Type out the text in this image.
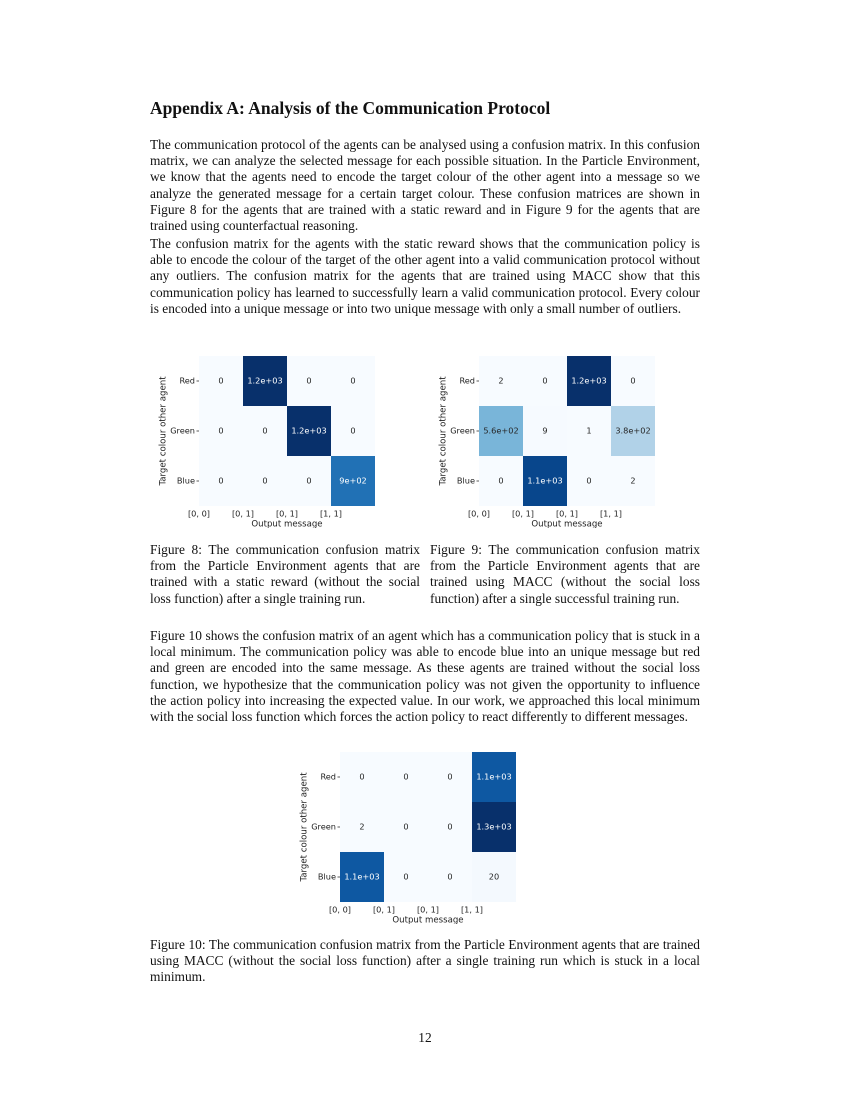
Appendix A: Analysis of the Communication Protocol

The communication protocol of the agents can be analysed using a confusion matrix. In this confusion matrix, we can analyze the selected message for each possible situation. In the Particle Environment, we know that the agents need to encode the target colour of the other agent into a message so we analyze the generated message for a certain target colour. These confusion matrices are shown in Figure 8 for the agents that are trained with a static reward and in Figure 9 for the agents that are trained using counterfactual reasoning.

The confusion matrix for the agents with the static reward shows that the communication policy is able to encode the colour of the target of the other agent into a valid communication protocol without any outliers. The confusion matrix for the agents that are trained using MACC show that this communication policy has learned to successfully learn a valid communication protocol. Every colour is encoded into a unique message or into two unique message with only a small number of outliers.

0	1.2e+03	0	0
0	0	1.2e+03	0
0	0	0	9e+02
Red
Green
Blue
[0, 0]	[0, 1]	[0, 1]	[1, 1]
Output message
Target colour other agent	2	0	1.2e+03	0
5.6e+02	9	1	3.8e+02
0	1.1e+03	0	2
Red
Green
Blue
[0, 0]	[0, 1]	[0, 1]	[1, 1]
Output message
Target colour other agent

Figure 8: The communication confusion matrix from the Particle Environment agents that are trained with a static reward (without the social loss function) after a single training run.

Figure 9: The communication confusion matrix from the Particle Environment agents that are trained using MACC (without the social loss function) after a single successful training run.

Figure 10 shows the confusion matrix of an agent which has a communication policy that is stuck in a local minimum. The communication policy was able to encode blue into an unique message but red and green are encoded into the same message. As these agents are trained without the social loss function, we hypothesize that the communication policy was not given the opportunity to influence the action policy into increasing the expected value. In our work, we approached this local minimum with the social loss function which forces the action policy to react differently to different messages.

0	0	0	1.1e+03
2	0	0	1.3e+03
1.1e+03	0	0	20
Red
Green
Blue
[0, 0]	[0, 1]	[0, 1]	[1, 1]
Output message
Target colour other agent

Figure 10: The communication confusion matrix from the Particle Environment agents that are trained using MACC (without the social loss function) after a single training run which is stuck in a local minimum.

12
